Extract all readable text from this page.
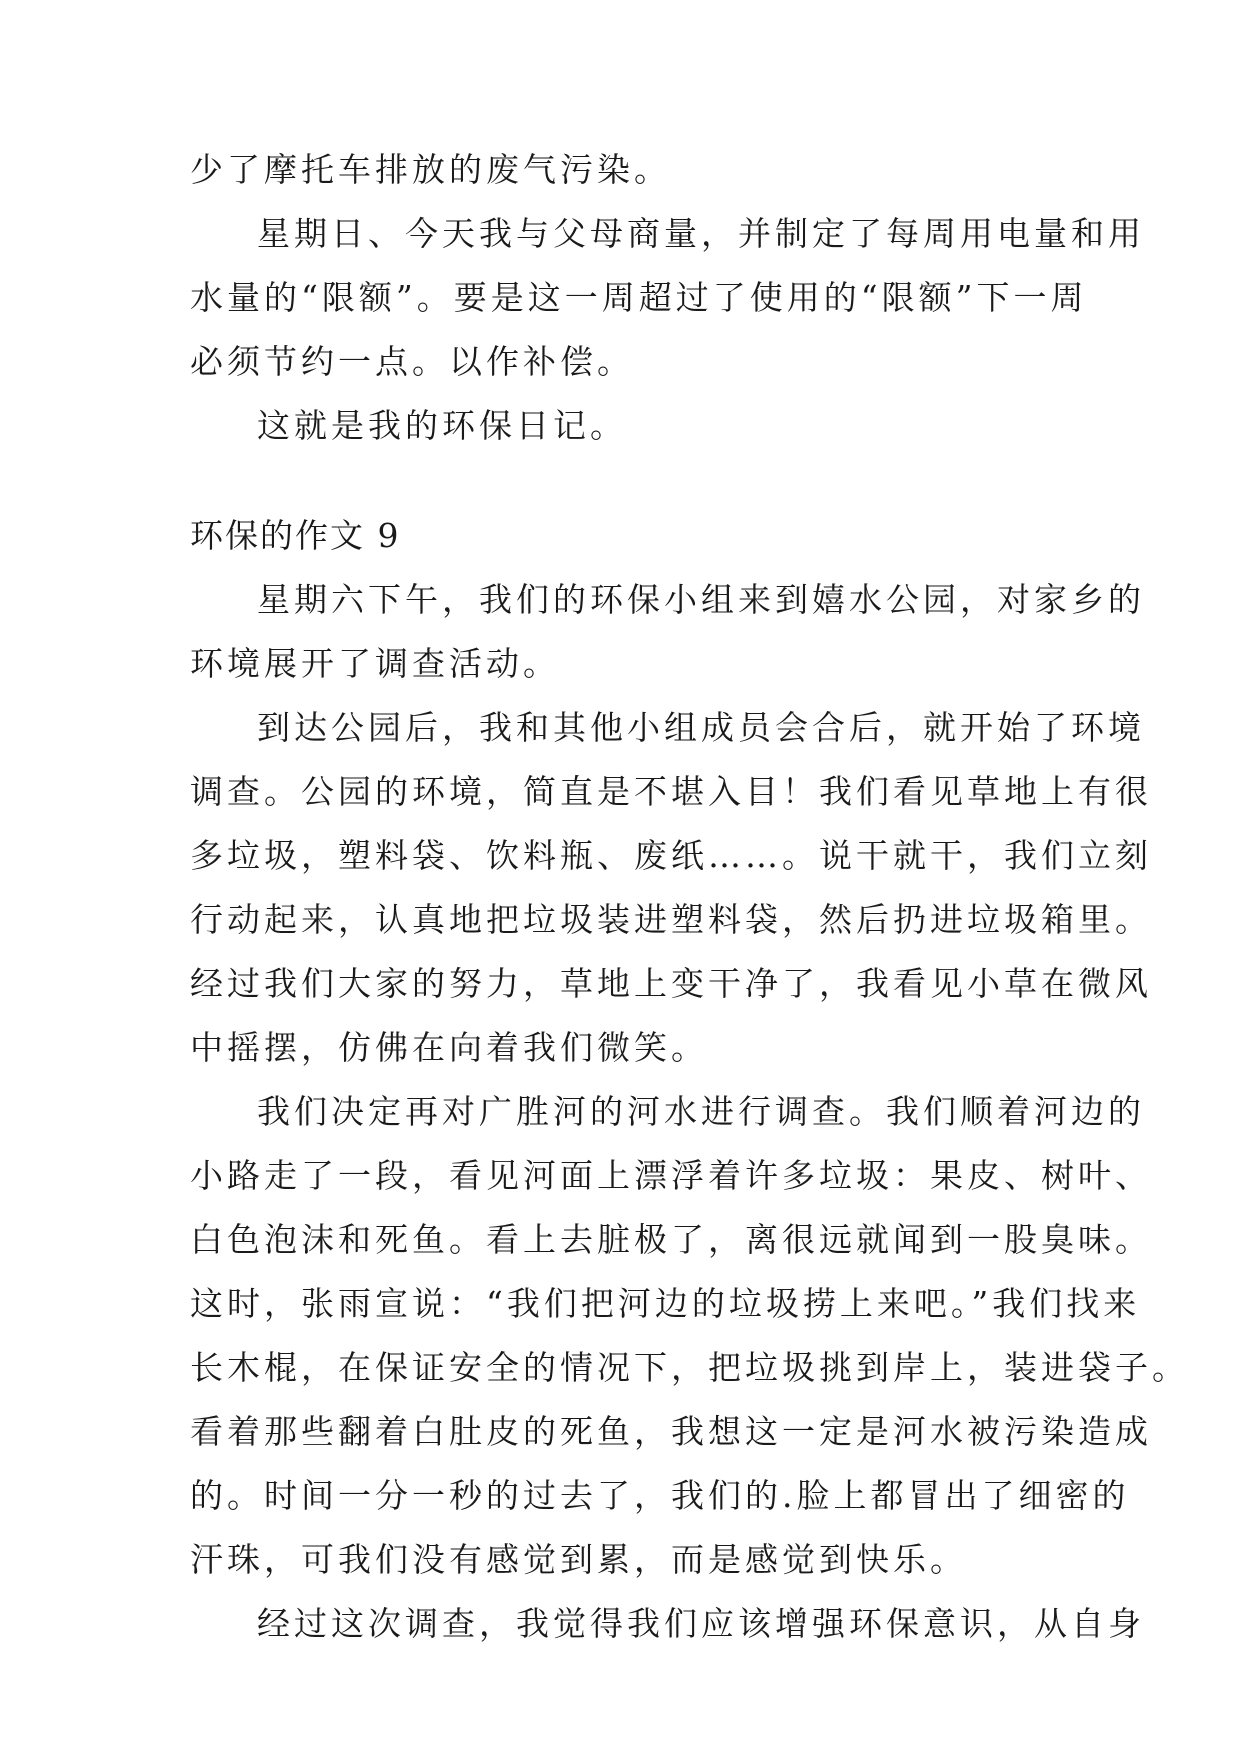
少了摩托车排放的废气污染。
星期日、今天我与父母商量，并制定了每周用电量和用
水量的“限额”。要是这一周超过了使用的“限额”下一周
必须节约一点。以作补偿。
这就是我的环保日记。
环保的作文 9
星期六下午，我们的环保小组来到嬉水公园，对家乡的
环境展开了调查活动。
到达公园后，我和其他小组成员会合后，就开始了环境
调查。公园的环境，简直是不堪入目！我们看见草地上有很
多垃圾，塑料袋、饮料瓶、废纸……。说干就干，我们立刻
行动起来，认真地把垃圾装进塑料袋，然后扔进垃圾箱里。
经过我们大家的努力，草地上变干净了，我看见小草在微风
中摇摆，仿佛在向着我们微笑。
我们决定再对广胜河的河水进行调查。我们顺着河边的
小路走了一段，看见河面上漂浮着许多垃圾：果皮、树叶、
白色泡沫和死鱼。看上去脏极了，离很远就闻到一股臭味。
这时，张雨宣说：“我们把河边的垃圾捞上来吧。”我们找来
长木棍，在保证安全的情况下，把垃圾挑到岸上，装进袋子。
看着那些翻着白肚皮的死鱼，我想这一定是河水被污染造成
的。时间一分一秒的过去了，我们的.脸上都冒出了细密的
汗珠，可我们没有感觉到累，而是感觉到快乐。
经过这次调查，我觉得我们应该增强环保意识，从自身
